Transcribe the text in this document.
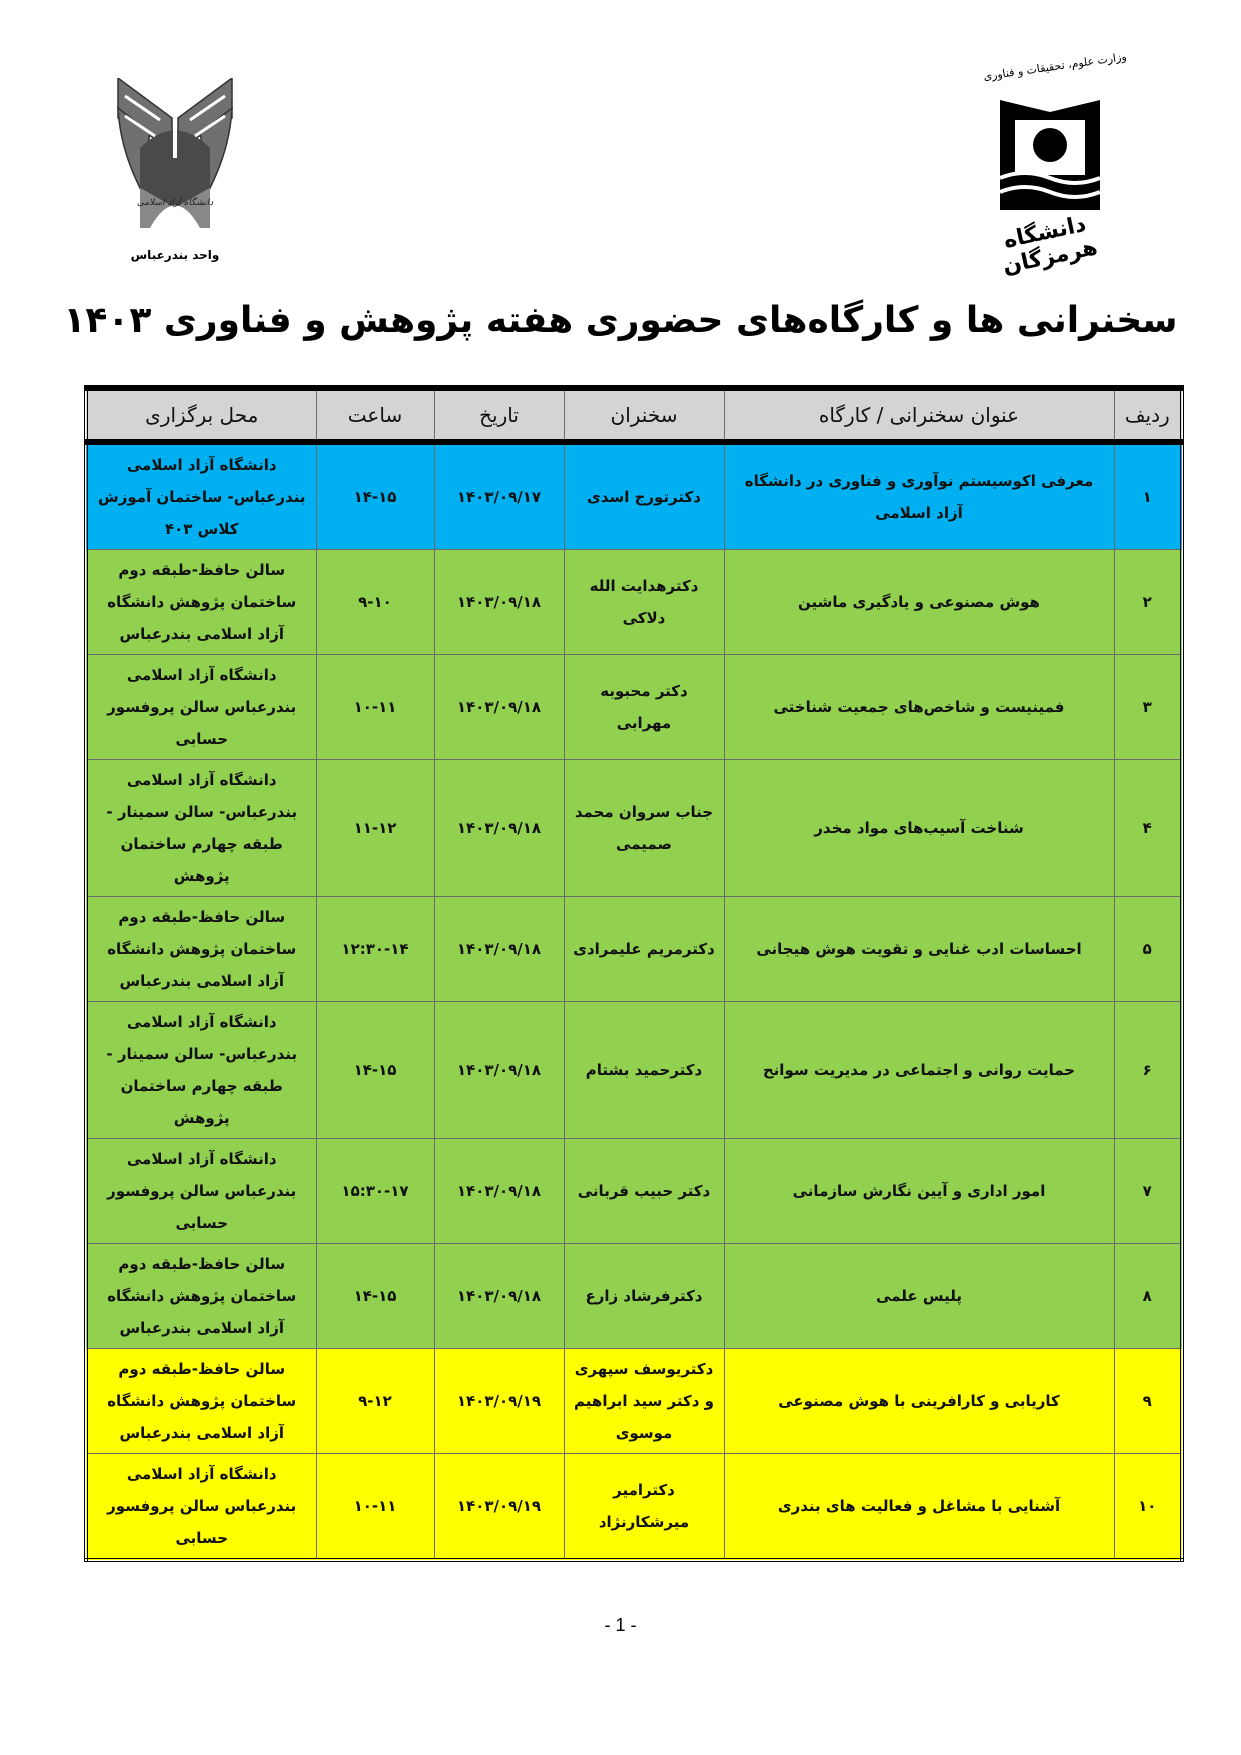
دانشگاه آزاد اسلامی
واحد بندرعباس
وزارت علوم، تحقیقات و فناوری
دانشگاه هرمزگان
سخنرانی ها و کارگاه‌های حضوری هفته پژوهش و فناوری ۱۴۰۳
ردیف	عنوان سخنرانی / کارگاه	سخنران	تاریخ	ساعت	محل برگزاری
۱	معرفی اکوسیستم نوآوری و فناوری در دانشگاه آزاد اسلامی	دکترتورج اسدی	۱۴۰۳/۰۹/۱۷	۱۴-۱۵	دانشگاه آزاد اسلامی بندرعباس- ساختمان آموزش کلاس ۴۰۳
۲	هوش مصنوعی و یادگیری ماشین	دکترهدایت الله دلاکی	۱۴۰۳/۰۹/۱۸	۹-۱۰	سالن حافظ-طبقه دوم ساختمان پژوهش دانشگاه آزاد اسلامی بندرعباس
۳	فمینیست و شاخص‌های جمعیت شناختی	دکتر محبوبه مهرابی	۱۴۰۳/۰۹/۱۸	۱۰-۱۱	دانشگاه آزاد اسلامی بندرعباس سالن پروفسور حسابی
۴	شناخت آسیب‌های مواد مخدر	جناب سروان محمد صمیمی	۱۴۰۳/۰۹/۱۸	۱۱-۱۲	دانشگاه آزاد اسلامی بندرعباس- سالن سمینار - طبقه چهارم ساختمان پژوهش
۵	احساسات ادب غنایی و تقویت هوش هیجانی	دکترمریم علیمرادی	۱۴۰۳/۰۹/۱۸	۱۲:۳۰-۱۴	سالن حافظ-طبقه دوم ساختمان پژوهش دانشگاه آزاد اسلامی بندرعباس
۶	حمایت روانی و اجتماعی در مدیریت سوانح	دکترحمید بشتام	۱۴۰۳/۰۹/۱۸	۱۴-۱۵	دانشگاه آزاد اسلامی بندرعباس- سالن سمینار - طبقه چهارم ساختمان پژوهش
۷	امور اداری و آیین نگارش سازمانی	دکتر حبیب قربانی	۱۴۰۳/۰۹/۱۸	۱۵:۳۰-۱۷	دانشگاه آزاد اسلامی بندرعباس سالن پروفسور حسابی
۸	پلیس علمی	دکترفرشاد زارع	۱۴۰۳/۰۹/۱۸	۱۴-۱۵	سالن حافظ-طبقه دوم ساختمان پژوهش دانشگاه آزاد اسلامی بندرعباس
۹	کاریابی و کارافرینی با هوش مصنوعی	دکتریوسف سپهری و دکتر سید ابراهیم موسوی	۱۴۰۳/۰۹/۱۹	۹-۱۲	سالن حافظ-طبقه دوم ساختمان پژوهش دانشگاه آزاد اسلامی بندرعباس
۱۰	آشنایی با مشاغل و فعالیت های بندری	دکترامیر میرشکارنژاد	۱۴۰۳/۰۹/۱۹	۱۰-۱۱	دانشگاه آزاد اسلامی بندرعباس سالن پروفسور حسابی
- 1 -
